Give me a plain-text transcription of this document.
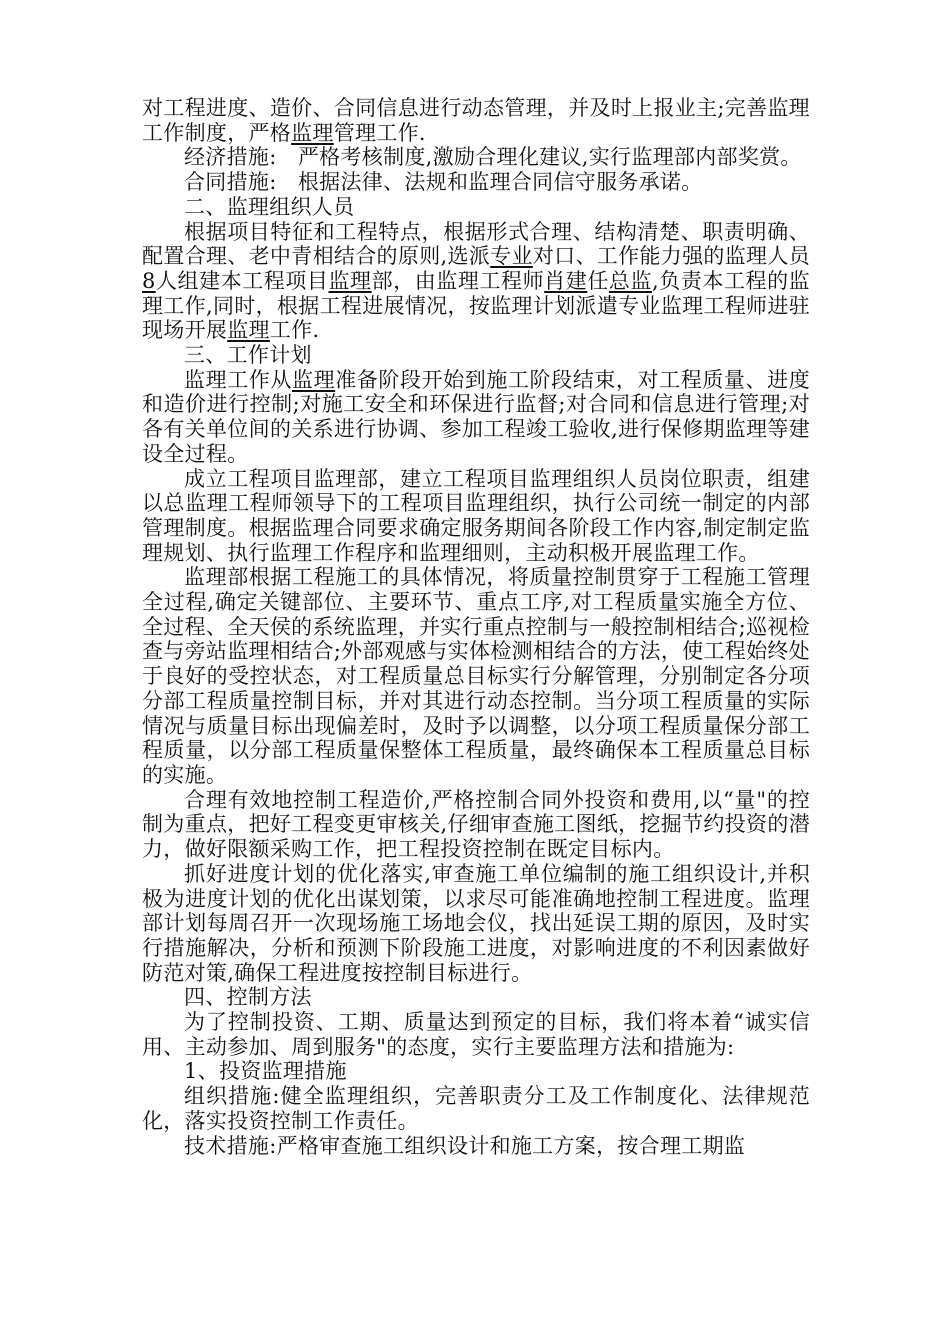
对工程进度、造价、合同信息进行动态管理，并及时上报业主;完善监理工作制度，严格监理管理工作.

经济措施:　严格考核制度,激励合理化建议,实行监理部内部奖赏。

合同措施:　根据法律、法规和监理合同信守服务承诺。

二、监理组织人员

根据项目特征和工程特点，根据形式合理、结构清楚、职责明确、配置合理、老中青相结合的原则,选派专业对口、工作能力强的监理人员8人组建本工程项目监理部，由监理工程师肖建任总监,负责本工程的监理工作,同时，根据工程进展情况，按监理计划派遣专业监理工程师进驻现场开展监理工作.

三、工作计划

监理工作从监理准备阶段开始到施工阶段结束，对工程质量、进度和造价进行控制;对施工安全和环保进行监督;对合同和信息进行管理;对各有关单位间的关系进行协调、参加工程竣工验收,进行保修期监理等建设全过程。

成立工程项目监理部，建立工程项目监理组织人员岗位职责，组建以总监理工程师领导下的工程项目监理组织，执行公司统一制定的内部管理制度。根据监理合同要求确定服务期间各阶段工作内容,制定制定监理规划、执行监理工作程序和监理细则，主动积极开展监理工作。

监理部根据工程施工的具体情况，将质量控制贯穿于工程施工管理全过程,确定关键部位、主要环节、重点工序,对工程质量实施全方位、全过程、全天侯的系统监理，并实行重点控制与一般控制相结合;巡视检查与旁站监理相结合;外部观感与实体检测相结合的方法，使工程始终处于良好的受控状态，对工程质量总目标实行分解管理，分别制定各分项分部工程质量控制目标，并对其进行动态控制。当分项工程质量的实际情况与质量目标出现偏差时，及时予以调整，以分项工程质量保分部工程质量，以分部工程质量保整体工程质量，最终确保本工程质量总目标的实施。

合理有效地控制工程造价,严格控制合同外投资和费用,以“量"的控制为重点，把好工程变更审核关,仔细审查施工图纸，挖掘节约投资的潜力，做好限额采购工作，把工程投资控制在既定目标内。

抓好进度计划的优化落实,审查施工单位编制的施工组织设计,并积极为进度计划的优化出谋划策，以求尽可能准确地控制工程进度。监理部计划每周召开一次现场施工场地会仪，找出延误工期的原因，及时实行措施解决，分析和预测下阶段施工进度，对影响进度的不利因素做好防范对策,确保工程进度按控制目标进行。

四、控制方法

为了控制投资、工期、质量达到预定的目标，我们将本着“诚实信用、主动参加、周到服务"的态度，实行主要监理方法和措施为:

1、投资监理措施

组织措施:健全监理组织，完善职责分工及工作制度化、法律规范化，落实投资控制工作责任。

技术措施:严格审查施工组织设计和施工方案，按合理工期监
